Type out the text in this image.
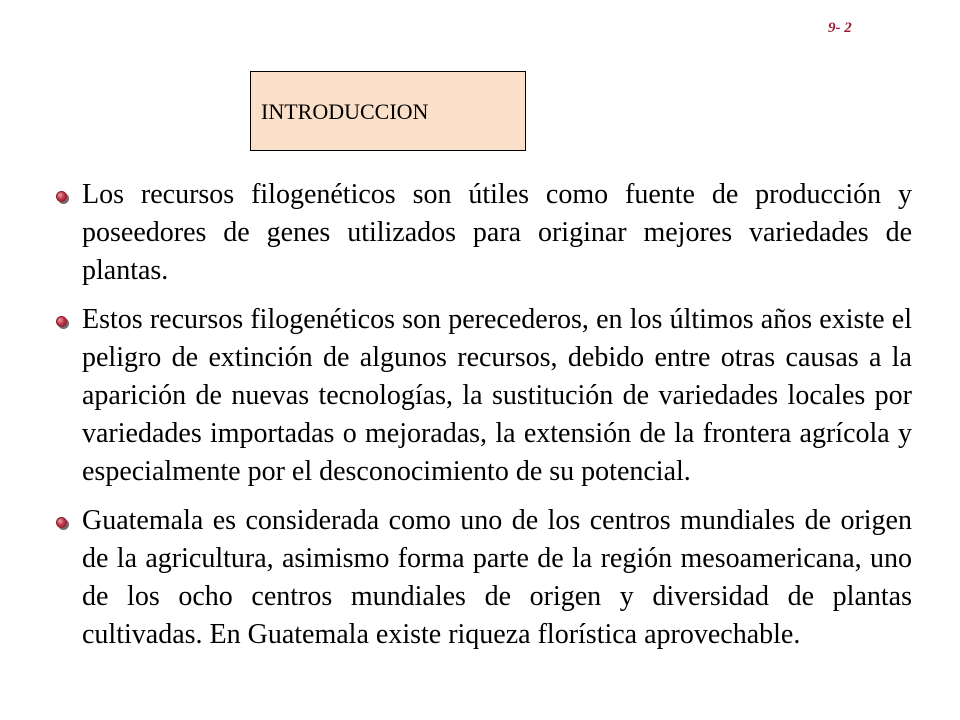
9- 2
INTRODUCCION
Los recursos filogenéticos son útiles como fuente de producción y poseedores de genes utilizados para originar mejores variedades de plantas.
Estos recursos filogenéticos son perecederos, en los últimos años existe el peligro de extinción de algunos recursos, debido entre otras causas a la aparición de nuevas tecnologías, la sustitución de variedades locales por variedades importadas o mejoradas, la extensión de la frontera agrícola y especialmente por el desconocimiento de su potencial.
Guatemala es considerada como uno de los centros mundiales de origen de la agricultura, asimismo forma parte de la región mesoamericana, uno de los ocho centros mundiales de origen y diversidad de plantas cultivadas. En Guatemala existe riqueza florística aprovechable.
